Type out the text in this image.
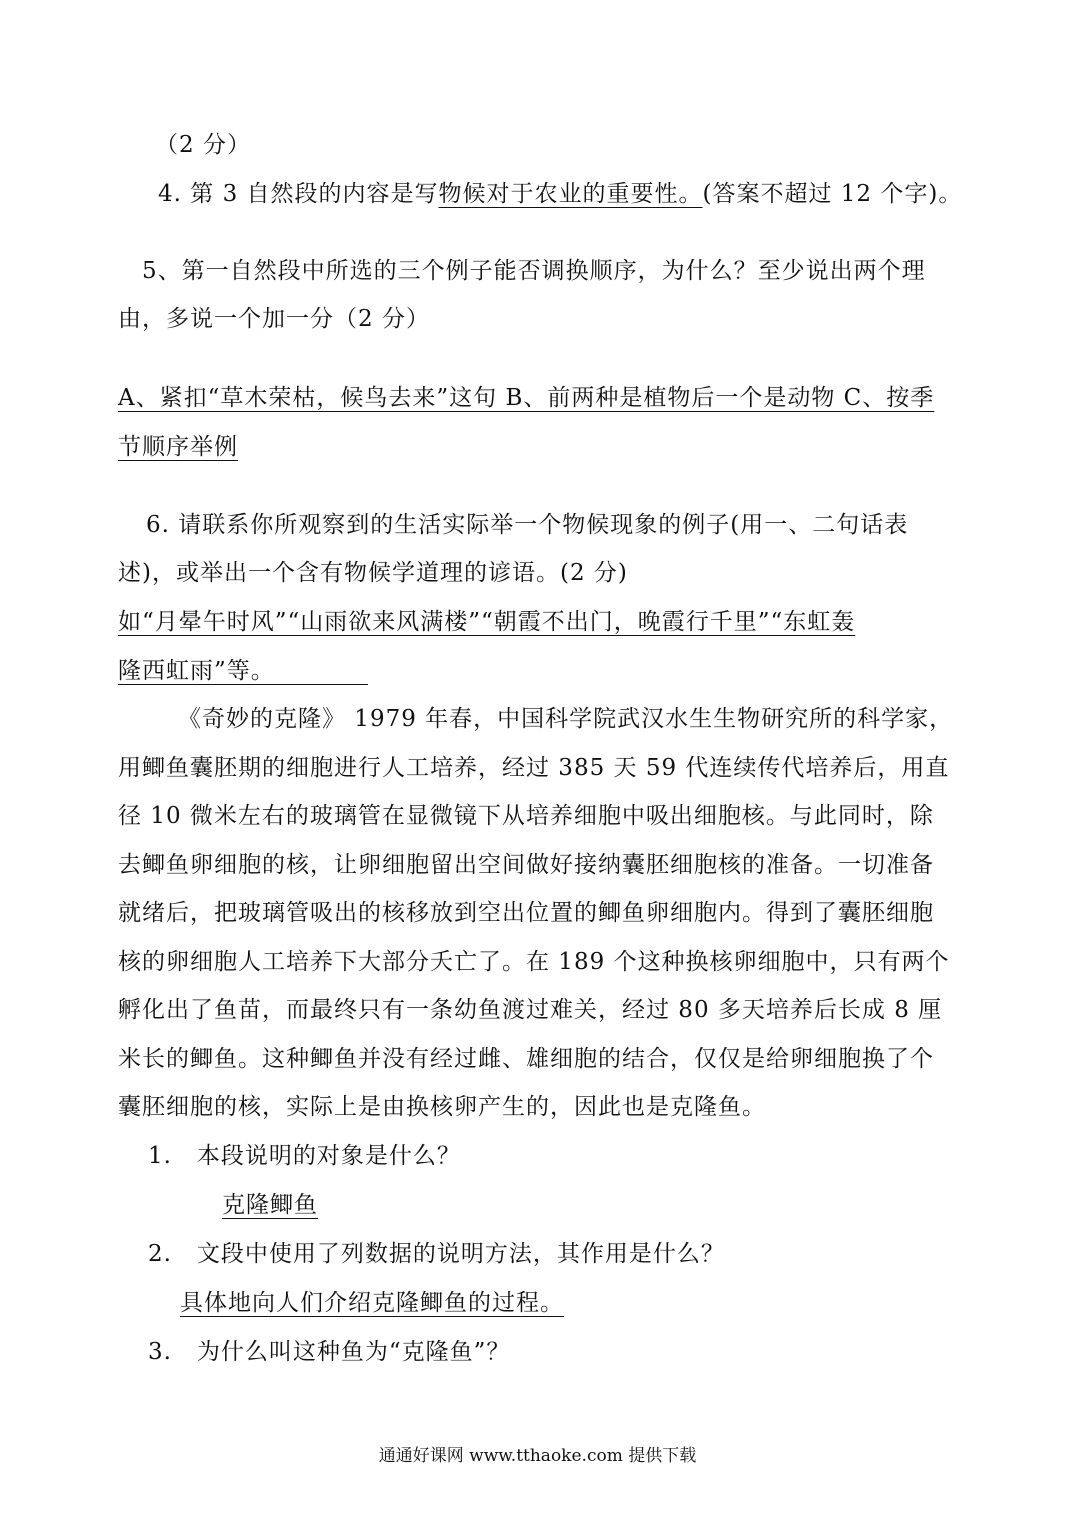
（2 分）
4. 第 3 自然段的内容是写物候对于农业的重要性。(答案不超过 12 个字)。
5、第一自然段中所选的三个例子能否调换顺序，为什么？至少说出两个理
由，多说一个加一分（2 分）
A、紧扣“草木荣枯，候鸟去来”这句 B、前两种是植物后一个是动物 C、按季
节顺序举例
6. 请联系你所观察到的生活实际举一个物候现象的例子(用一、二句话表
述)，或举出一个含有物候学道理的谚语。(2 分)
如“月晕午时风”“山雨欲来风满楼”“朝霞不出门，晚霞行千里”“东虹轰
隆西虹雨”等。
《奇妙的克隆》 1979 年春，中国科学院武汉水生生物研究所的科学家，
用鲫鱼囊胚期的细胞进行人工培养，经过 385 天 59 代连续传代培养后，用直
径 10 微米左右的玻璃管在显微镜下从培养细胞中吸出细胞核。与此同时，除
去鲫鱼卵细胞的核，让卵细胞留出空间做好接纳囊胚细胞核的准备。一切准备
就绪后，把玻璃管吸出的核移放到空出位置的鲫鱼卵细胞内。得到了囊胚细胞
核的卵细胞人工培养下大部分夭亡了。在 189 个这种换核卵细胞中，只有两个
孵化出了鱼苗，而最终只有一条幼鱼渡过难关，经过 80 多天培养后长成 8 厘
米长的鲫鱼。这种鲫鱼并没有经过雌、雄细胞的结合，仅仅是给卵细胞换了个
囊胚细胞的核，实际上是由换核卵产生的，因此也是克隆鱼。
1. 本段说明的对象是什么？
克隆鲫鱼
2. 文段中使用了列数据的说明方法，其作用是什么？
具体地向人们介绍克隆鲫鱼的过程。
3. 为什么叫这种鱼为“克隆鱼”？
通通好课网 www.tthaoke.com 提供下载
